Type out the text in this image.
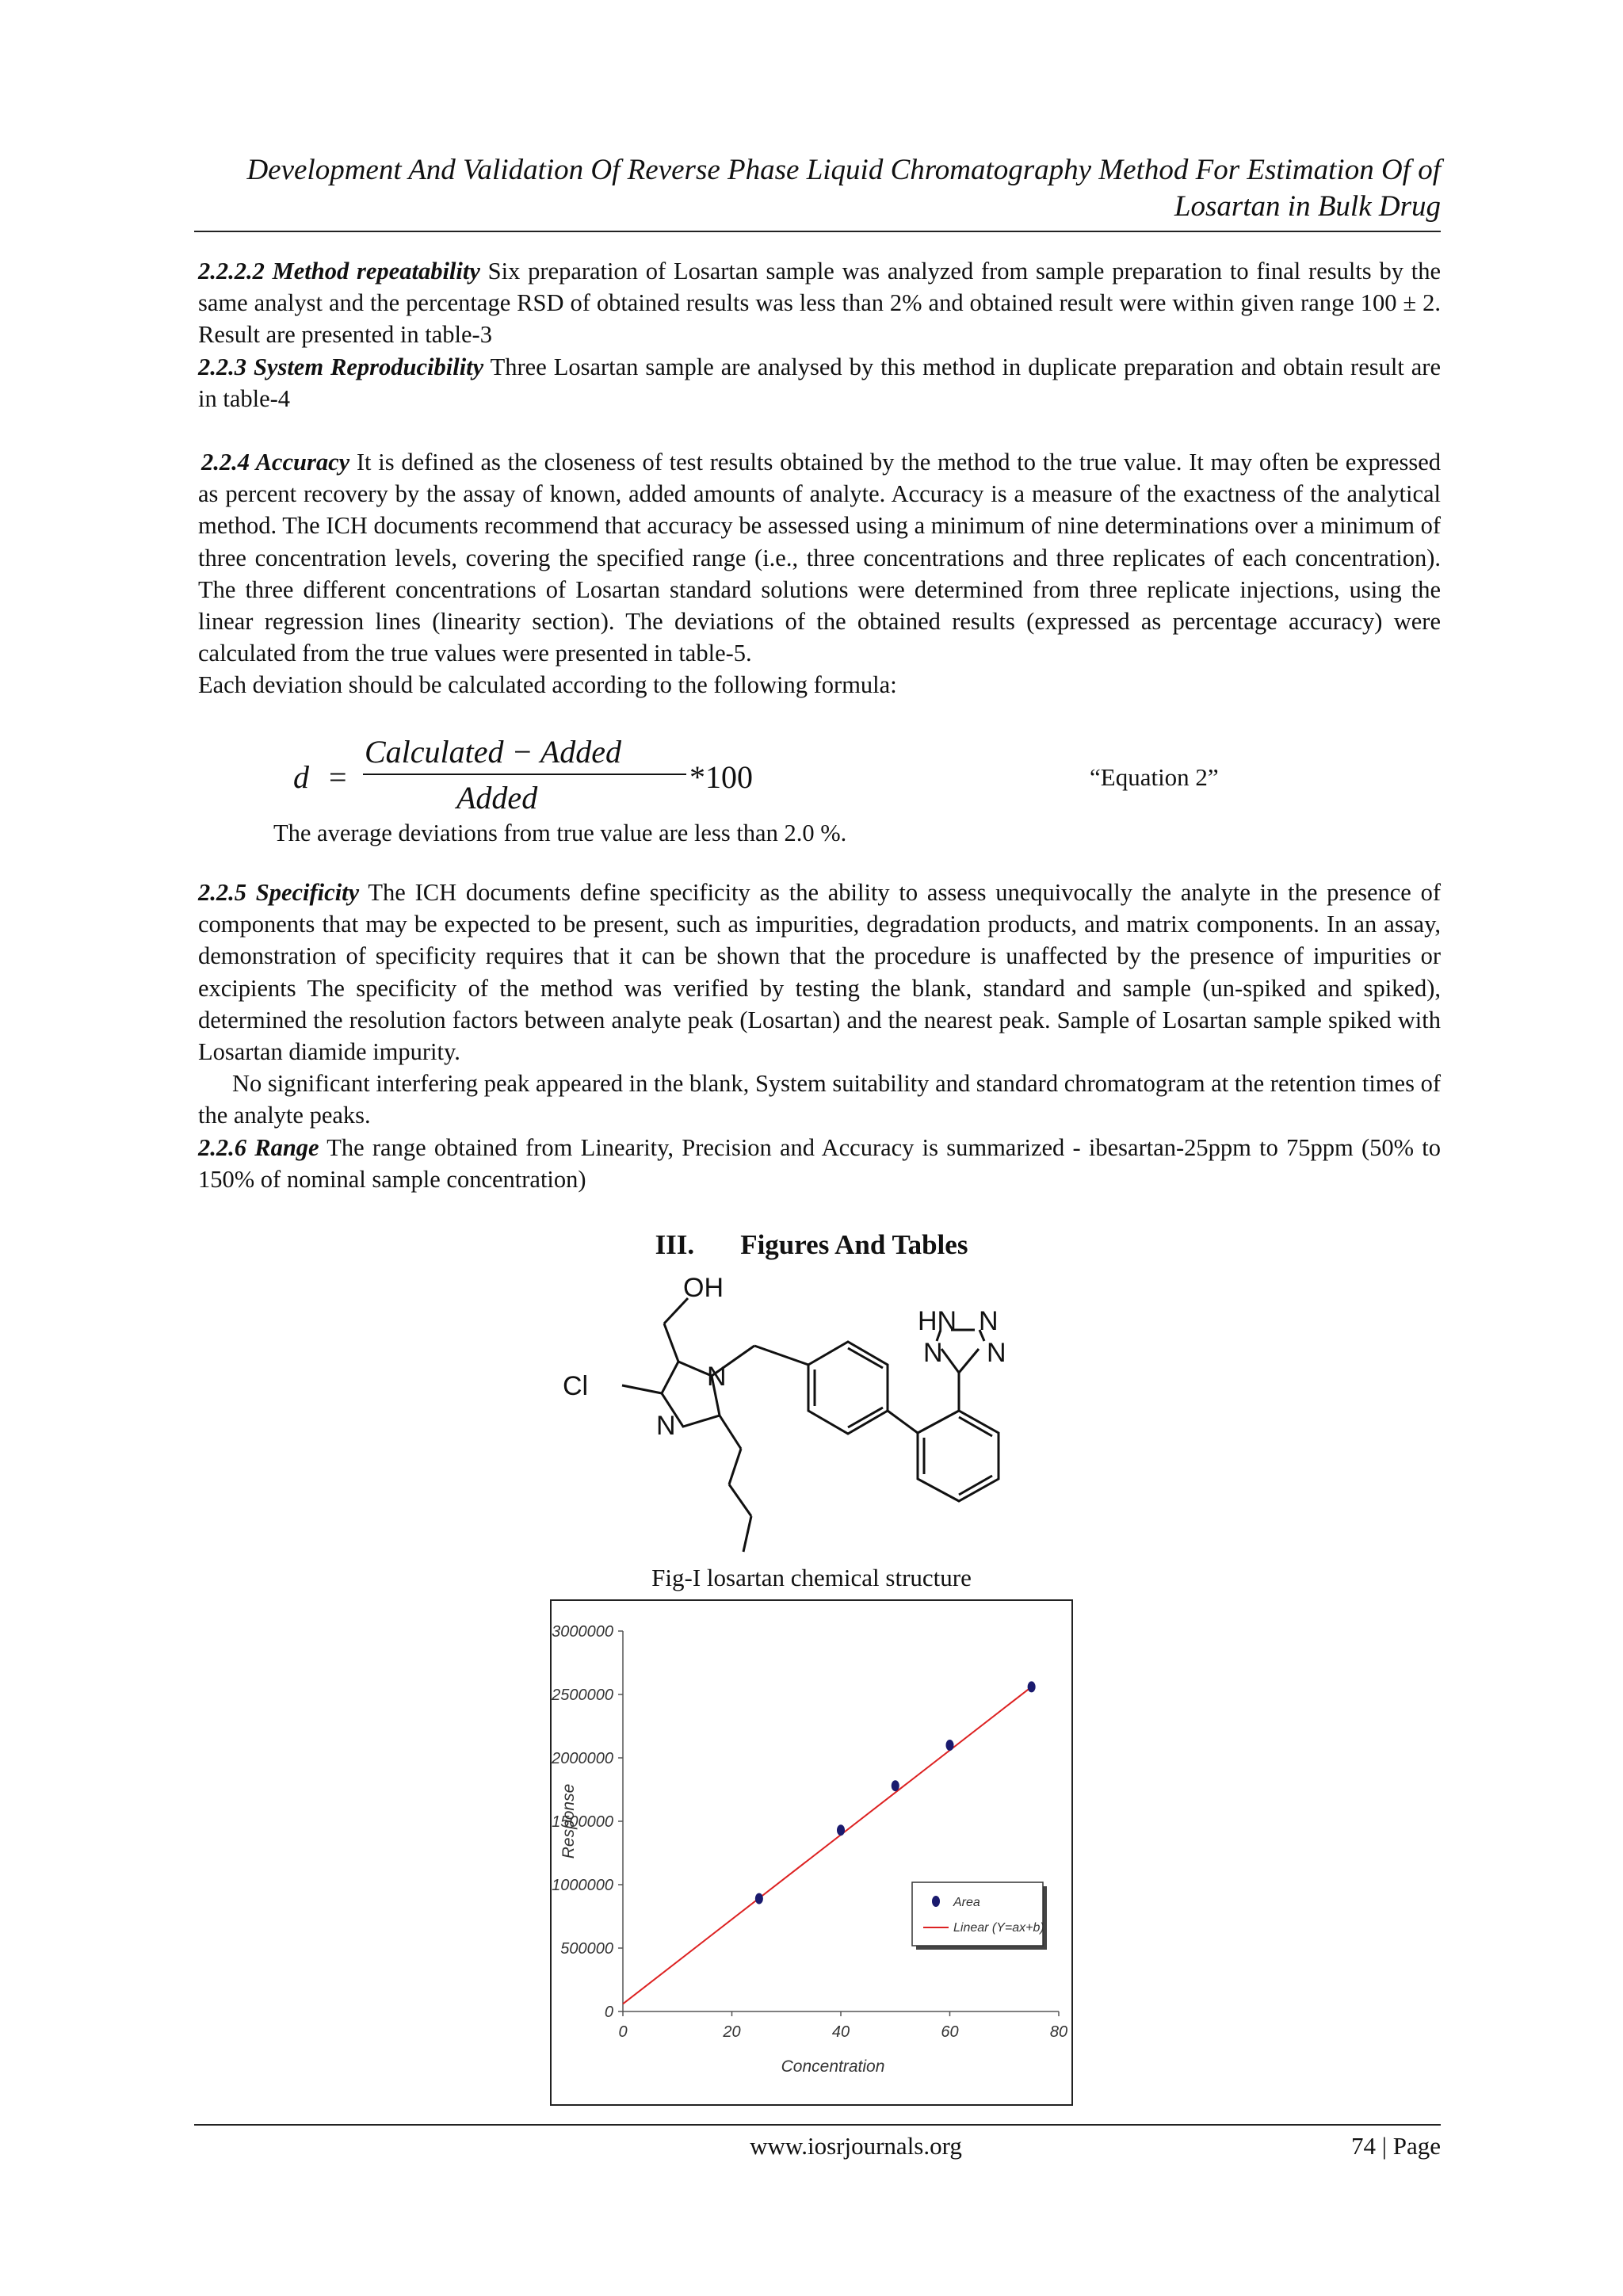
Development And Validation Of Reverse Phase Liquid Chromatography Method For Estimation Of of
Losartan in Bulk Drug

2.2.2.2 Method repeatability Six preparation of Losartan sample was analyzed from sample preparation to final results by the same analyst and the percentage RSD of obtained results was less than 2% and obtained result were within given range 100 ± 2. Result are presented in table-3

2.2.3 System Reproducibility Three Losartan sample are analysed by this method in duplicate preparation and obtain result are in table-4

2.2.4 Accuracy It is defined as the closeness of test results obtained by the method to the true value. It may often be expressed as percent recovery by the assay of known, added amounts of analyte. Accuracy is a measure of the exactness of the analytical method. The ICH documents recommend that accuracy be assessed using a minimum of nine determinations over a minimum of three concentration levels, covering the specified range (i.e., three concentrations and three replicates of each concentration). The three different concentrations of Losartan standard solutions were determined from three replicate injections, using the linear regression lines (linearity section). The deviations of the obtained results (expressed as percentage accuracy) were calculated from the true values were presented in table-5.

Each deviation should be calculated according to the following formula:

d =
Calculated − Added
Added
*100	“Equation 2”
The average deviations from true value are less than 2.0 %.

2.2.5 Specificity The ICH documents define specificity as the ability to assess unequivocally the analyte in the presence of components that may be expected to be present, such as impurities, degradation products, and matrix components. In an assay, demonstration of specificity requires that it can be shown that the procedure is unaffected by the presence of impurities or excipients The specificity of the method was verified by testing the blank, standard and sample (un-spiked and spiked), determined the resolution factors between analyte peak (Losartan) and the nearest peak. Sample of Losartan sample spiked with Losartan diamide impurity.

No significant interfering peak appeared in the blank, System suitability and standard chromatogram at the retention times of the analyte peaks.

2.2.6 Range The range obtained from Linearity, Precision and Accuracy is summarized - ibesartan-25ppm to 75ppm (50% to 150% of nominal sample concentration)

III. Figures And Tables
OH
Cl	N
N
HN N
N N
Fig-I losartan chemical structure
0
500000
1000000
1500000
2000000
2500000
3000000
0	20	40	60	80
Concentration
Response
Area
Linear (Y=ax+b)
www.iosrjournals.org	74 | Page
